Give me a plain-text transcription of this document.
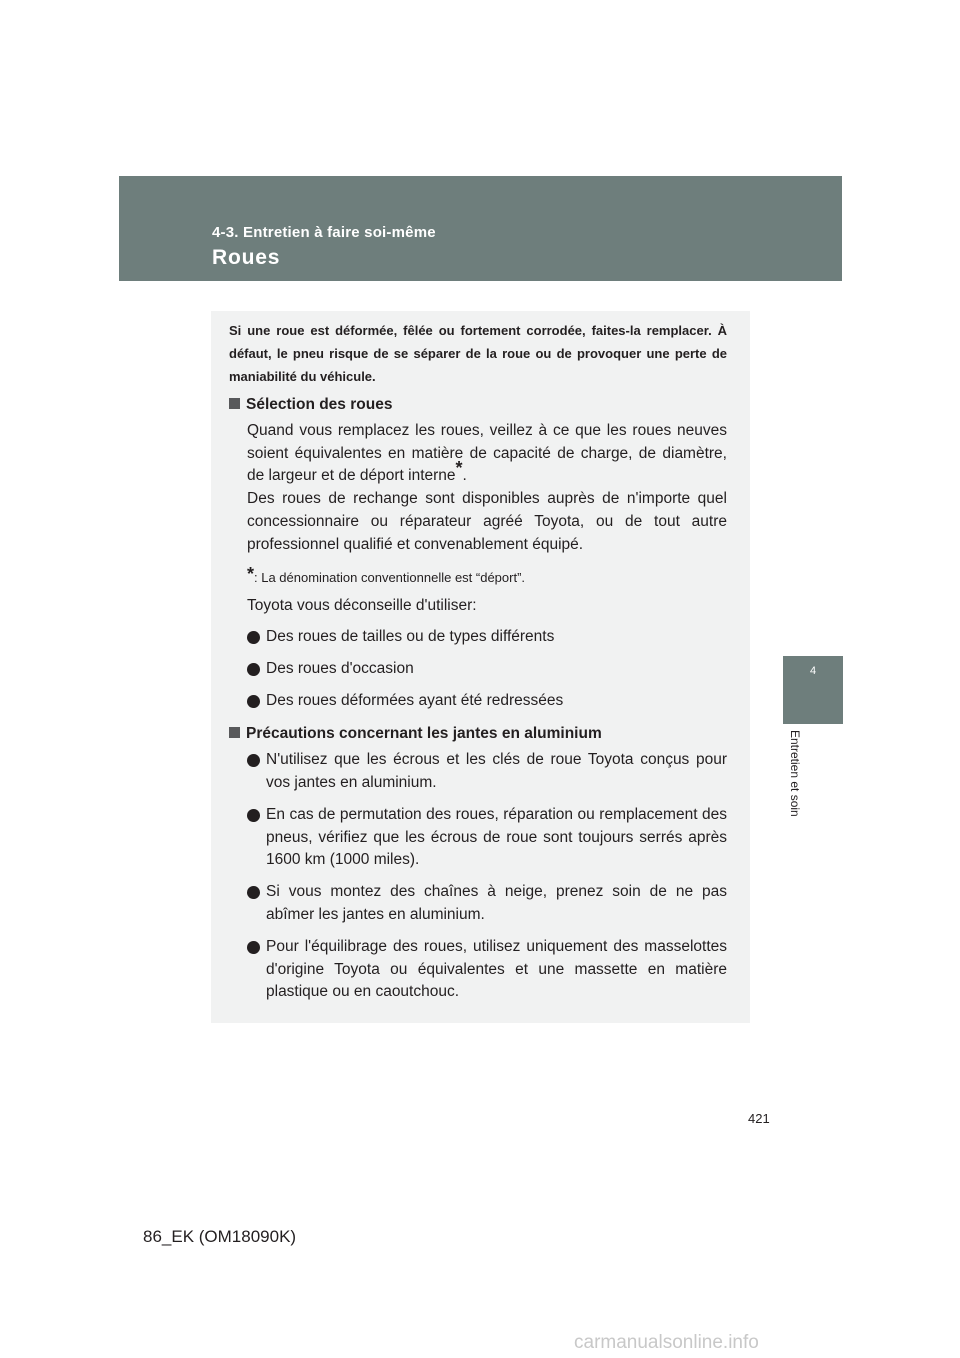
4-3. Entretien à faire soi-même
Roues
4
Entretien et soin
Si une roue est déformée, fêlée ou fortement corrodée, faites-la remplacer. À défaut, le pneu risque de se séparer de la roue ou de provoquer une perte de maniabilité du véhicule.
Sélection des roues
Quand vous remplacez les roues, veillez à ce que les roues neuves soient équivalentes en matière de capacité de charge, de diamètre, de largeur et de déport interne*.
Des roues de rechange sont disponibles auprès de n'importe quel concessionnaire ou réparateur agréé Toyota, ou de tout autre professionnel qualifié et convenablement équipé.
*: La dénomination conventionnelle est “déport”.
Toyota vous déconseille d'utiliser:
Des roues de tailles ou de types différents
Des roues d'occasion
Des roues déformées ayant été redressées
Précautions concernant les jantes en aluminium
N'utilisez que les écrous et les clés de roue Toyota conçus pour vos jantes en aluminium.
En cas de permutation des roues, réparation ou remplacement des pneus, vérifiez que les écrous de roue sont toujours serrés après 1600 km (1000 miles).
Si vous montez des chaînes à neige, prenez soin de ne pas abîmer les jantes en aluminium.
Pour l'équilibrage des roues, utilisez uniquement des masselottes d'origine Toyota ou équivalentes et une massette en matière plastique ou en caoutchouc.
421
86_EK (OM18090K)
carmanualsonline.info
